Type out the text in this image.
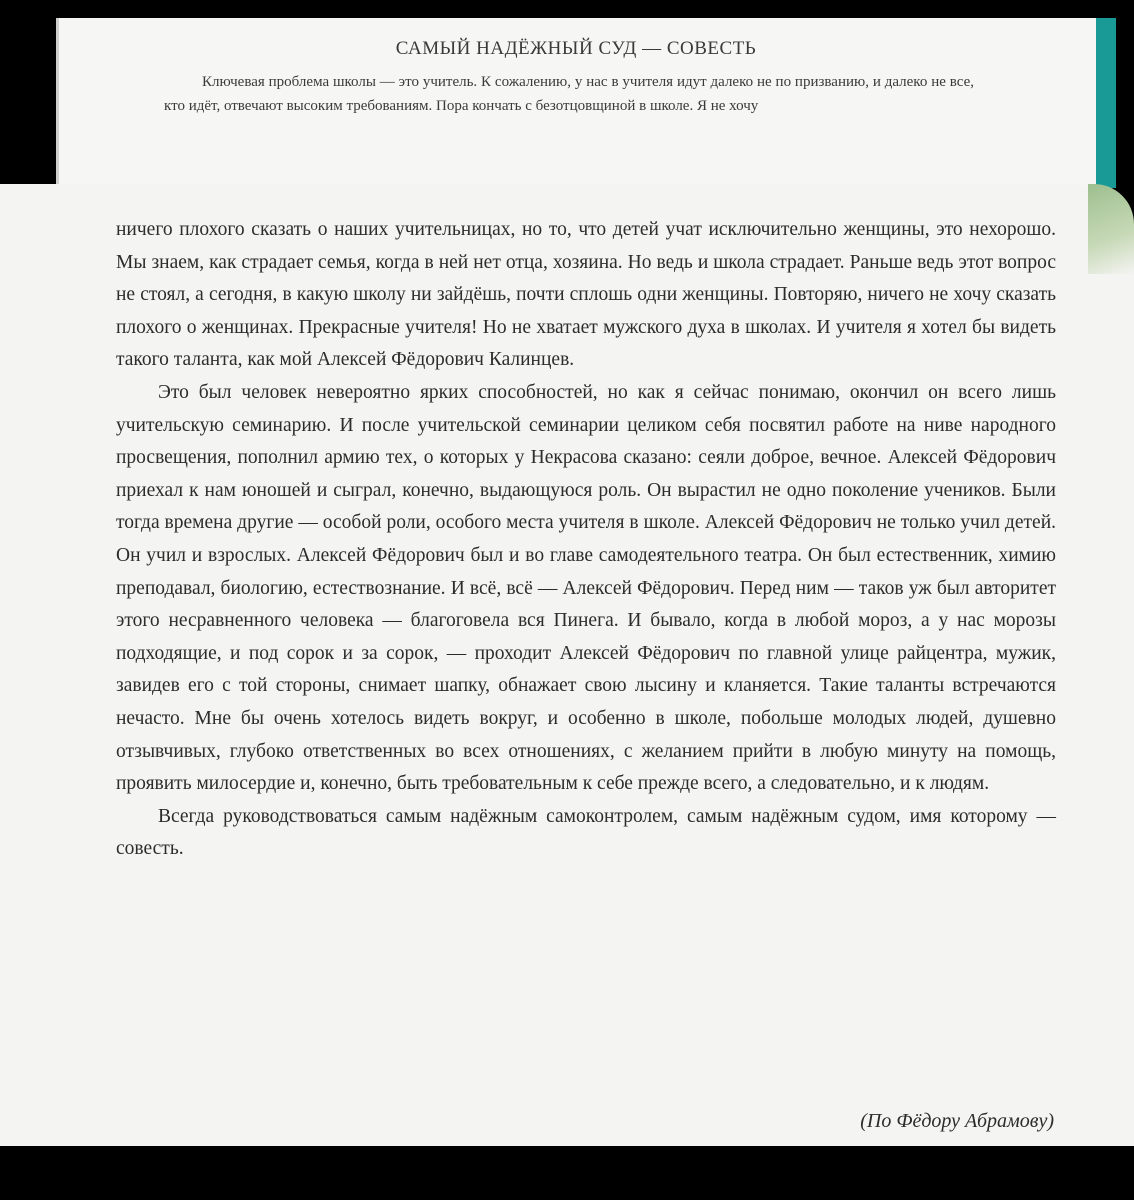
САМЫЙ НАДЁЖНЫЙ СУД — СОВЕСТЬ

Ключевая проблема школы — это учитель. К сожалению, у нас в учителя идут далеко не по призванию, и далеко не все, кто идёт, отвечают высоким требованиям. Пора кончать с безотцовщиной в школе. Я не хочу

ничего плохого сказать о наших учительницах, но то, что детей учат исключительно женщины, это нехорошо. Мы знаем, как страдает семья, когда в ней нет отца, хозяина. Но ведь и школа страдает. Раньше ведь этот вопрос не стоял, а сегодня, в какую школу ни зайдёшь, почти сплошь одни женщины. Повторяю, ничего не хочу сказать плохого о женщинах. Прекрасные учителя! Но не хватает мужского духа в школах. И учителя я хотел бы видеть такого таланта, как мой Алексей Фёдорович Калинцев.

Это был человек невероятно ярких способностей, но как я сейчас понимаю, окончил он всего лишь учительскую семинарию. И после учительской семинарии целиком себя посвятил работе на ниве народного просвещения, пополнил армию тех, о которых у Некрасова сказано: сеяли доброе, вечное. Алексей Фёдорович приехал к нам юношей и сыграл, конечно, выдающуюся роль. Он вырастил не одно поколение учеников. Были тогда времена другие — особой роли, особого места учителя в школе. Алексей Фёдорович не только учил детей. Он учил и взрослых. Алексей Фёдорович был и во главе самодеятельного театра. Он был естественник, химию преподавал, биологию, естествознание. И всё, всё — Алексей Фёдорович. Перед ним — таков уж был авторитет этого несравненного человека — благоговела вся Пинега. И бывало, когда в любой мороз, а у нас морозы подходящие, и под сорок и за сорок, — проходит Алексей Фёдорович по главной улице райцентра, мужик, завидев его с той стороны, снимает шапку, обнажает свою лысину и кланяется. Такие таланты встречаются нечасто. Мне бы очень хотелось видеть вокруг, и особенно в школе, побольше молодых людей, душевно отзывчивых, глубоко ответственных во всех отношениях, с желанием прийти в любую минуту на помощь, проявить милосердие и, конечно, быть требовательным к себе прежде всего, а следовательно, и к людям.

Всегда руководствоваться самым надёжным самоконтролем, самым надёжным судом, имя которому — совесть.

(По Фёдору Абрамову)
